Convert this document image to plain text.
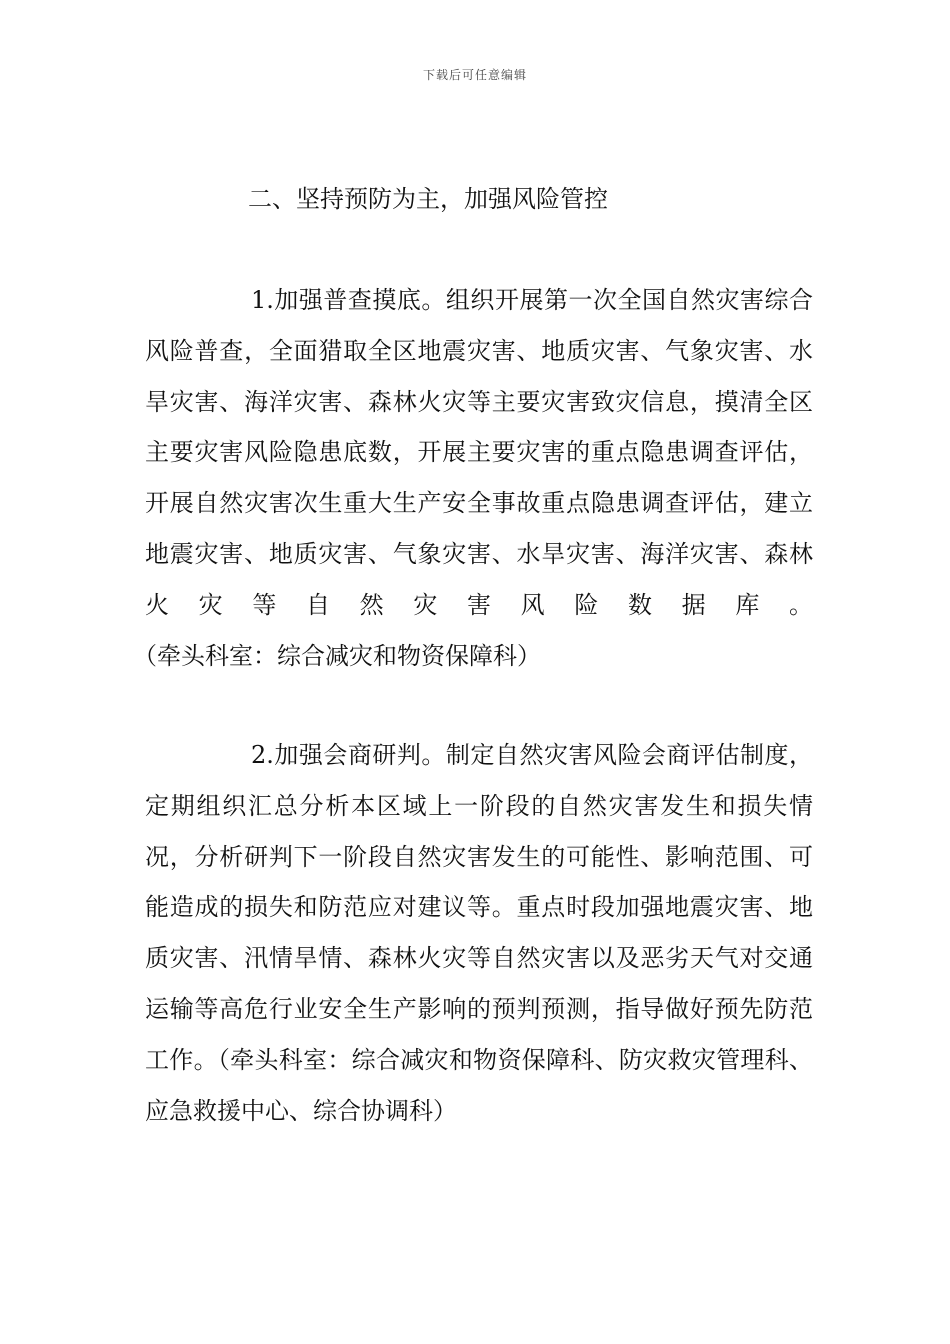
下载后可任意编辑
二、坚持预防为主，加强风险管控

1.加强普查摸底。组织开展第一次全国自然灾害综合风险普查，全面猎取全区地震灾害、地质灾害、气象灾害、水旱灾害、海洋灾害、森林火灾等主要灾害致灾信息，摸清全区主要灾害风险隐患底数，开展主要灾害的重点隐患调查评估，开展自然灾害次生重大生产安全事故重点隐患调查评估，建立地震灾害、地质灾害、气象灾害、水旱灾害、海洋灾害、森林火灾等自然灾害风险数据库。（牵头科室：综合减灾和物资保障科）

2.加强会商研判。制定自然灾害风险会商评估制度，定期组织汇总分析本区域上一阶段的自然灾害发生和损失情况，分析研判下一阶段自然灾害发生的可能性、影响范围、可能造成的损失和防范应对建议等。重点时段加强地震灾害、地质灾害、汛情旱情、森林火灾等自然灾害以及恶劣天气对交通运输等高危行业安全生产影响的预判预测，指导做好预先防范工作。（牵头科室：综合减灾和物资保障科、防灾救灾管理科、应急救援中心、综合协调科）
